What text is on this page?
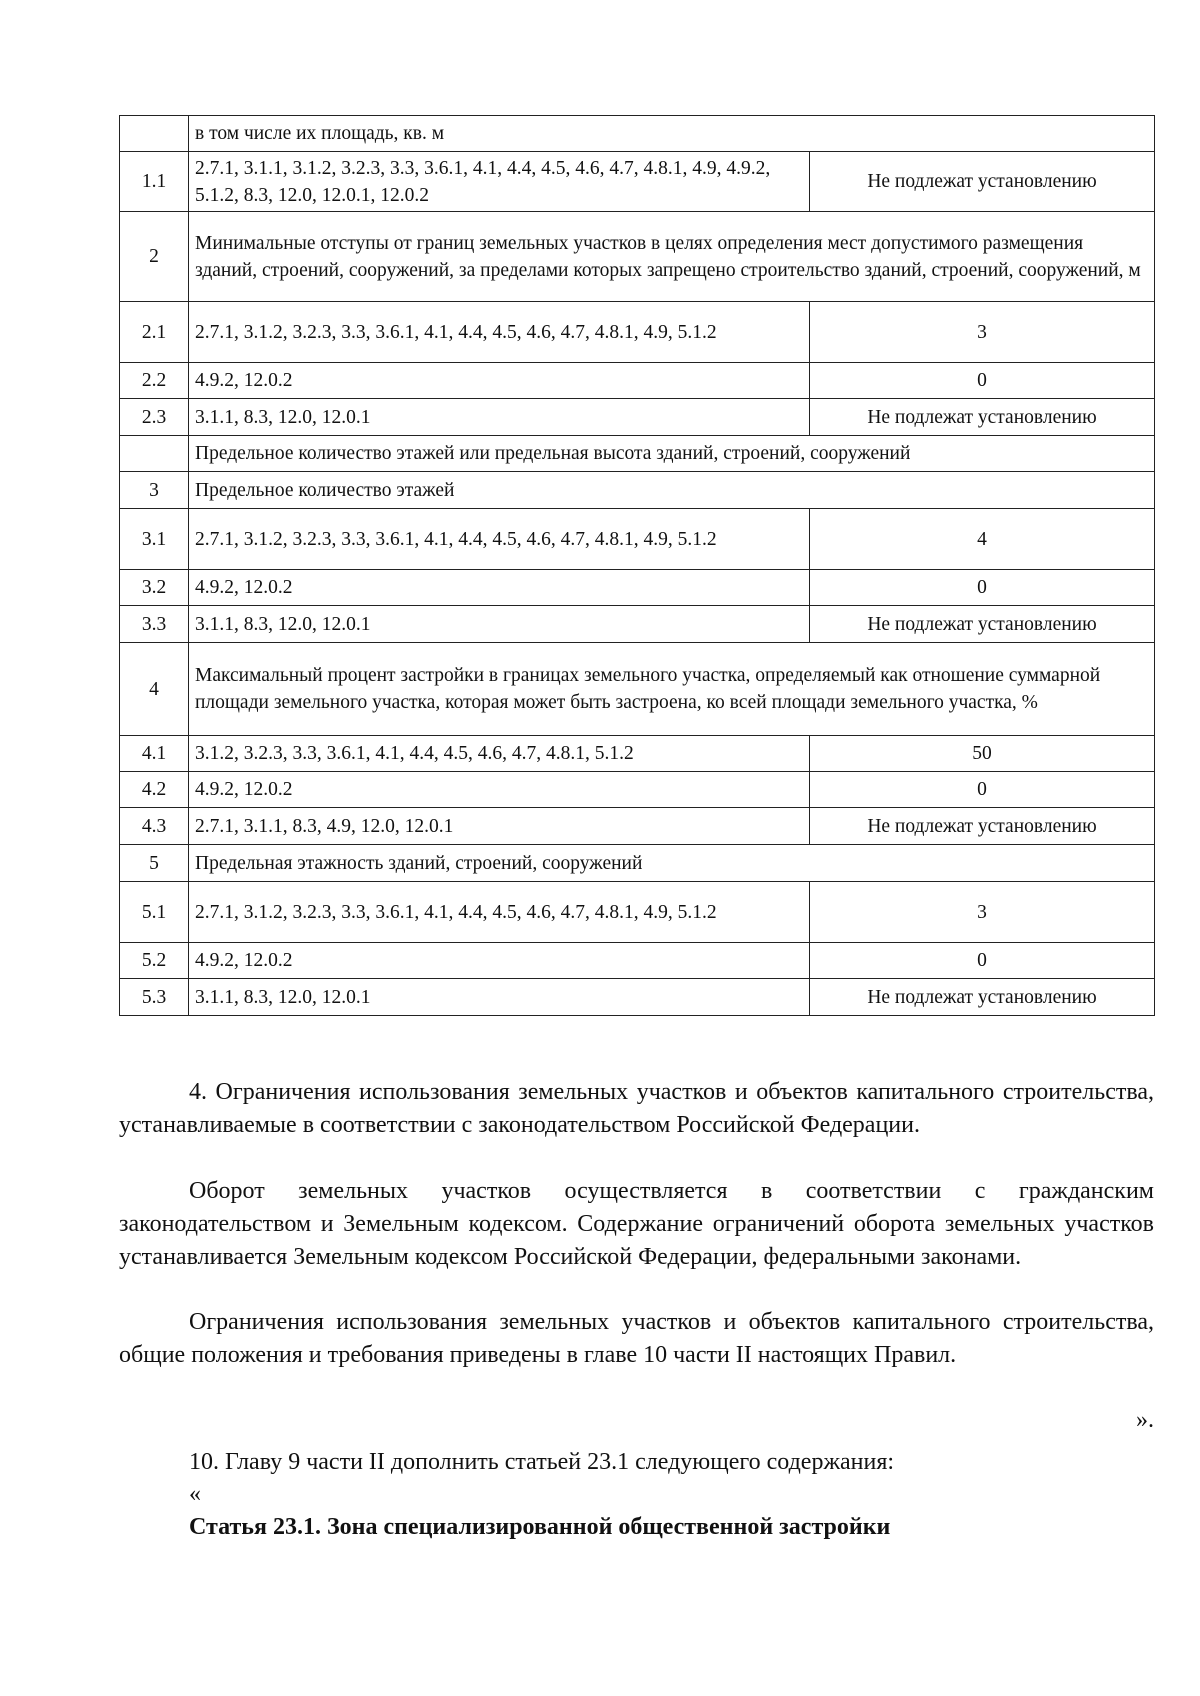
	в том числе их площадь, кв. м	
1.1	2.7.1, 3.1.1, 3.1.2, 3.2.3, 3.3, 3.6.1, 4.1, 4.4, 4.5, 4.6, 4.7, 4.8.1, 4.9, 4.9.2, 5.1.2, 8.3, 12.0, 12.0.1, 12.0.2	Не подлежат установлению
2	Минимальные отступы от границ земельных участков в целях определения мест допустимого размещения зданий, строений, сооружений, за пределами которых запрещено строительство зданий, строений, сооружений, м	
2.1	2.7.1, 3.1.2, 3.2.3, 3.3, 3.6.1, 4.1, 4.4, 4.5, 4.6, 4.7, 4.8.1, 4.9, 5.1.2	3
2.2	4.9.2, 12.0.2	0
2.3	3.1.1, 8.3, 12.0, 12.0.1	Не подлежат установлению
	Предельное количество этажей или предельная высота зданий, строений, сооружений	
3	Предельное количество этажей	
3.1	2.7.1, 3.1.2, 3.2.3, 3.3, 3.6.1, 4.1, 4.4, 4.5, 4.6, 4.7, 4.8.1, 4.9, 5.1.2	4
3.2	4.9.2, 12.0.2	0
3.3	3.1.1, 8.3, 12.0, 12.0.1	Не подлежат установлению
4	Максимальный процент застройки в границах земельного участка, определяемый как отношение суммарной площади земельного участка, которая может быть застроена, ко всей площади земельного участка, %	
4.1	3.1.2, 3.2.3, 3.3, 3.6.1, 4.1, 4.4, 4.5, 4.6, 4.7, 4.8.1, 5.1.2	50
4.2	4.9.2, 12.0.2	0
4.3	2.7.1, 3.1.1, 8.3, 4.9, 12.0, 12.0.1	Не подлежат установлению
5	Предельная этажность зданий, строений, сооружений	
5.1	2.7.1, 3.1.2, 3.2.3, 3.3, 3.6.1, 4.1, 4.4, 4.5, 4.6, 4.7, 4.8.1, 4.9, 5.1.2	3
5.2	4.9.2, 12.0.2	0
5.3	3.1.1, 8.3, 12.0, 12.0.1	Не подлежат установлению

4. Ограничения использования земельных участков и объектов капитального строительства, устанавливаемые в соответствии с законодательством Российской Федерации.

Оборот земельных участков осуществляется в соответствии с гражданским законодательством и Земельным кодексом. Содержание ограничений оборота земельных участков устанавливается Земельным кодексом Российской Федерации, федеральными законами.

Ограничения использования земельных участков и объектов капитального строительства, общие положения и требования приведены в главе 10 части II настоящих Правил.

».
10. Главу 9 части II дополнить статьей 23.1 следующего содержания:
«
Статья 23.1. Зона специализированной общественной застройки
